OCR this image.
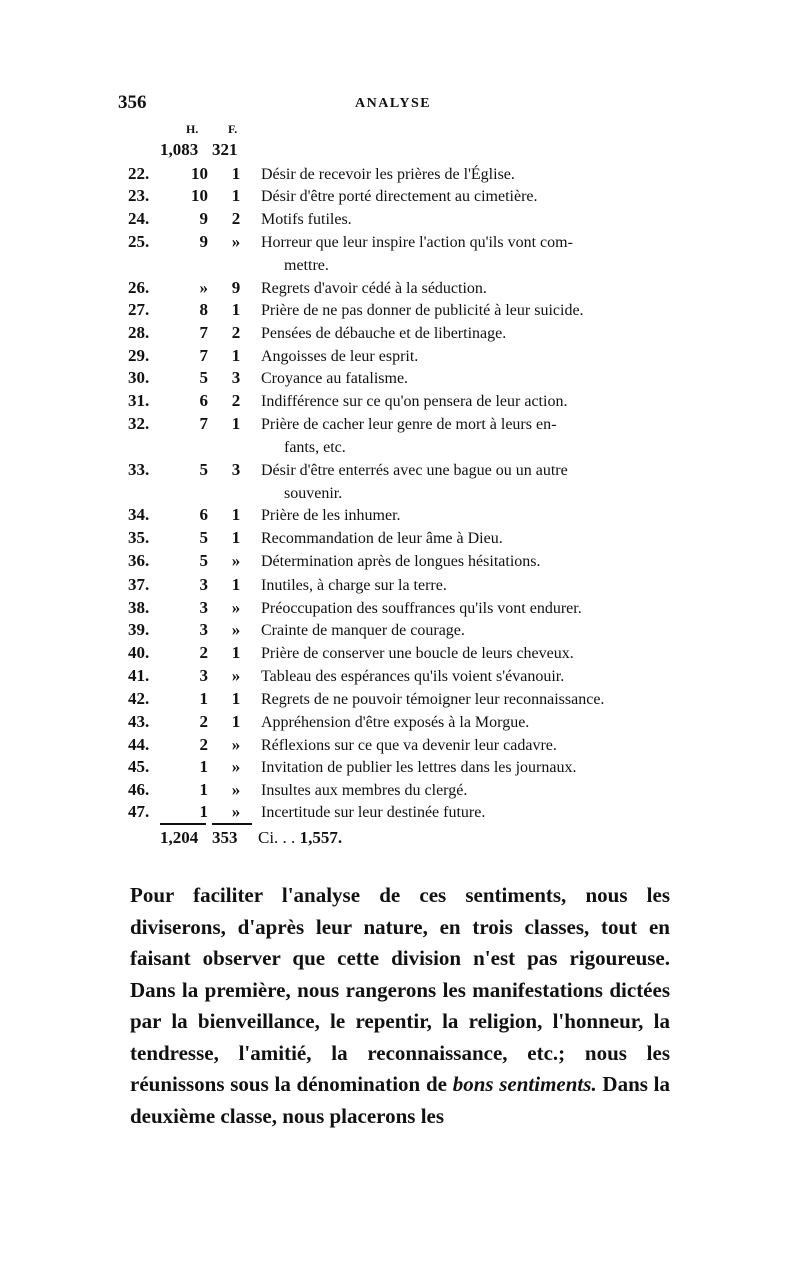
356	ANALYSE
H. F.
1,083 321
22.	10	1	Désir de recevoir les prières de l'Église.
23.	10	1	Désir d'être porté directement au cimetière.
24.	9	2	Motifs futiles.
25.	9	»	Horreur que leur inspire l'action qu'ils vont com-
mettre.
26.	»	9	Regrets d'avoir cédé à la séduction.
27.	8	1	Prière de ne pas donner de publicité à leur suicide.
28.	7	2	Pensées de débauche et de libertinage.
29.	7	1	Angoisses de leur esprit.
30.	5	3	Croyance au fatalisme.
31.	6	2	Indifférence sur ce qu'on pensera de leur action.
32.	7	1	Prière de cacher leur genre de mort à leurs en-
fants, etc.
33.	5	3	Désir d'être enterrés avec une bague ou un autre
souvenir.
34.	6	1	Prière de les inhumer.
35.	5	1	Recommandation de leur âme à Dieu.
36.	5	»	Détermination après de longues hésitations.
37.	3	1	Inutiles, à charge sur la terre.
38.	3	»	Préoccupation des souffrances qu'ils vont endurer.
39.	3	»	Crainte de manquer de courage.
40.	2	1	Prière de conserver une boucle de leurs cheveux.
41.	3	»	Tableau des espérances qu'ils voient s'évanouir.
42.	1	1	Regrets de ne pouvoir témoigner leur reconnaissance.
43.	2	1	Appréhension d'être exposés à la Morgue.
44.	2	»	Réflexions sur ce que va devenir leur cadavre.
45.	1	»	Invitation de publier les lettres dans les journaux.
46.	1	»	Insultes aux membres du clergé.
47.	1	»	Incertitude sur leur destinée future.
1,204 353 Ci. . . 1,557.
Pour faciliter l'analyse de ces sentiments, nous les diviserons, d'après leur nature, en trois classes, tout en faisant observer que cette division n'est pas rigoureuse. Dans la première, nous rangerons les manifestations dictées par la bienveillance, le repentir, la religion, l'honneur, la tendresse, l'amitié, la reconnaissance, etc.; nous les réunissons sous la dénomination de bons sentiments. Dans la deuxième classe, nous placerons les
